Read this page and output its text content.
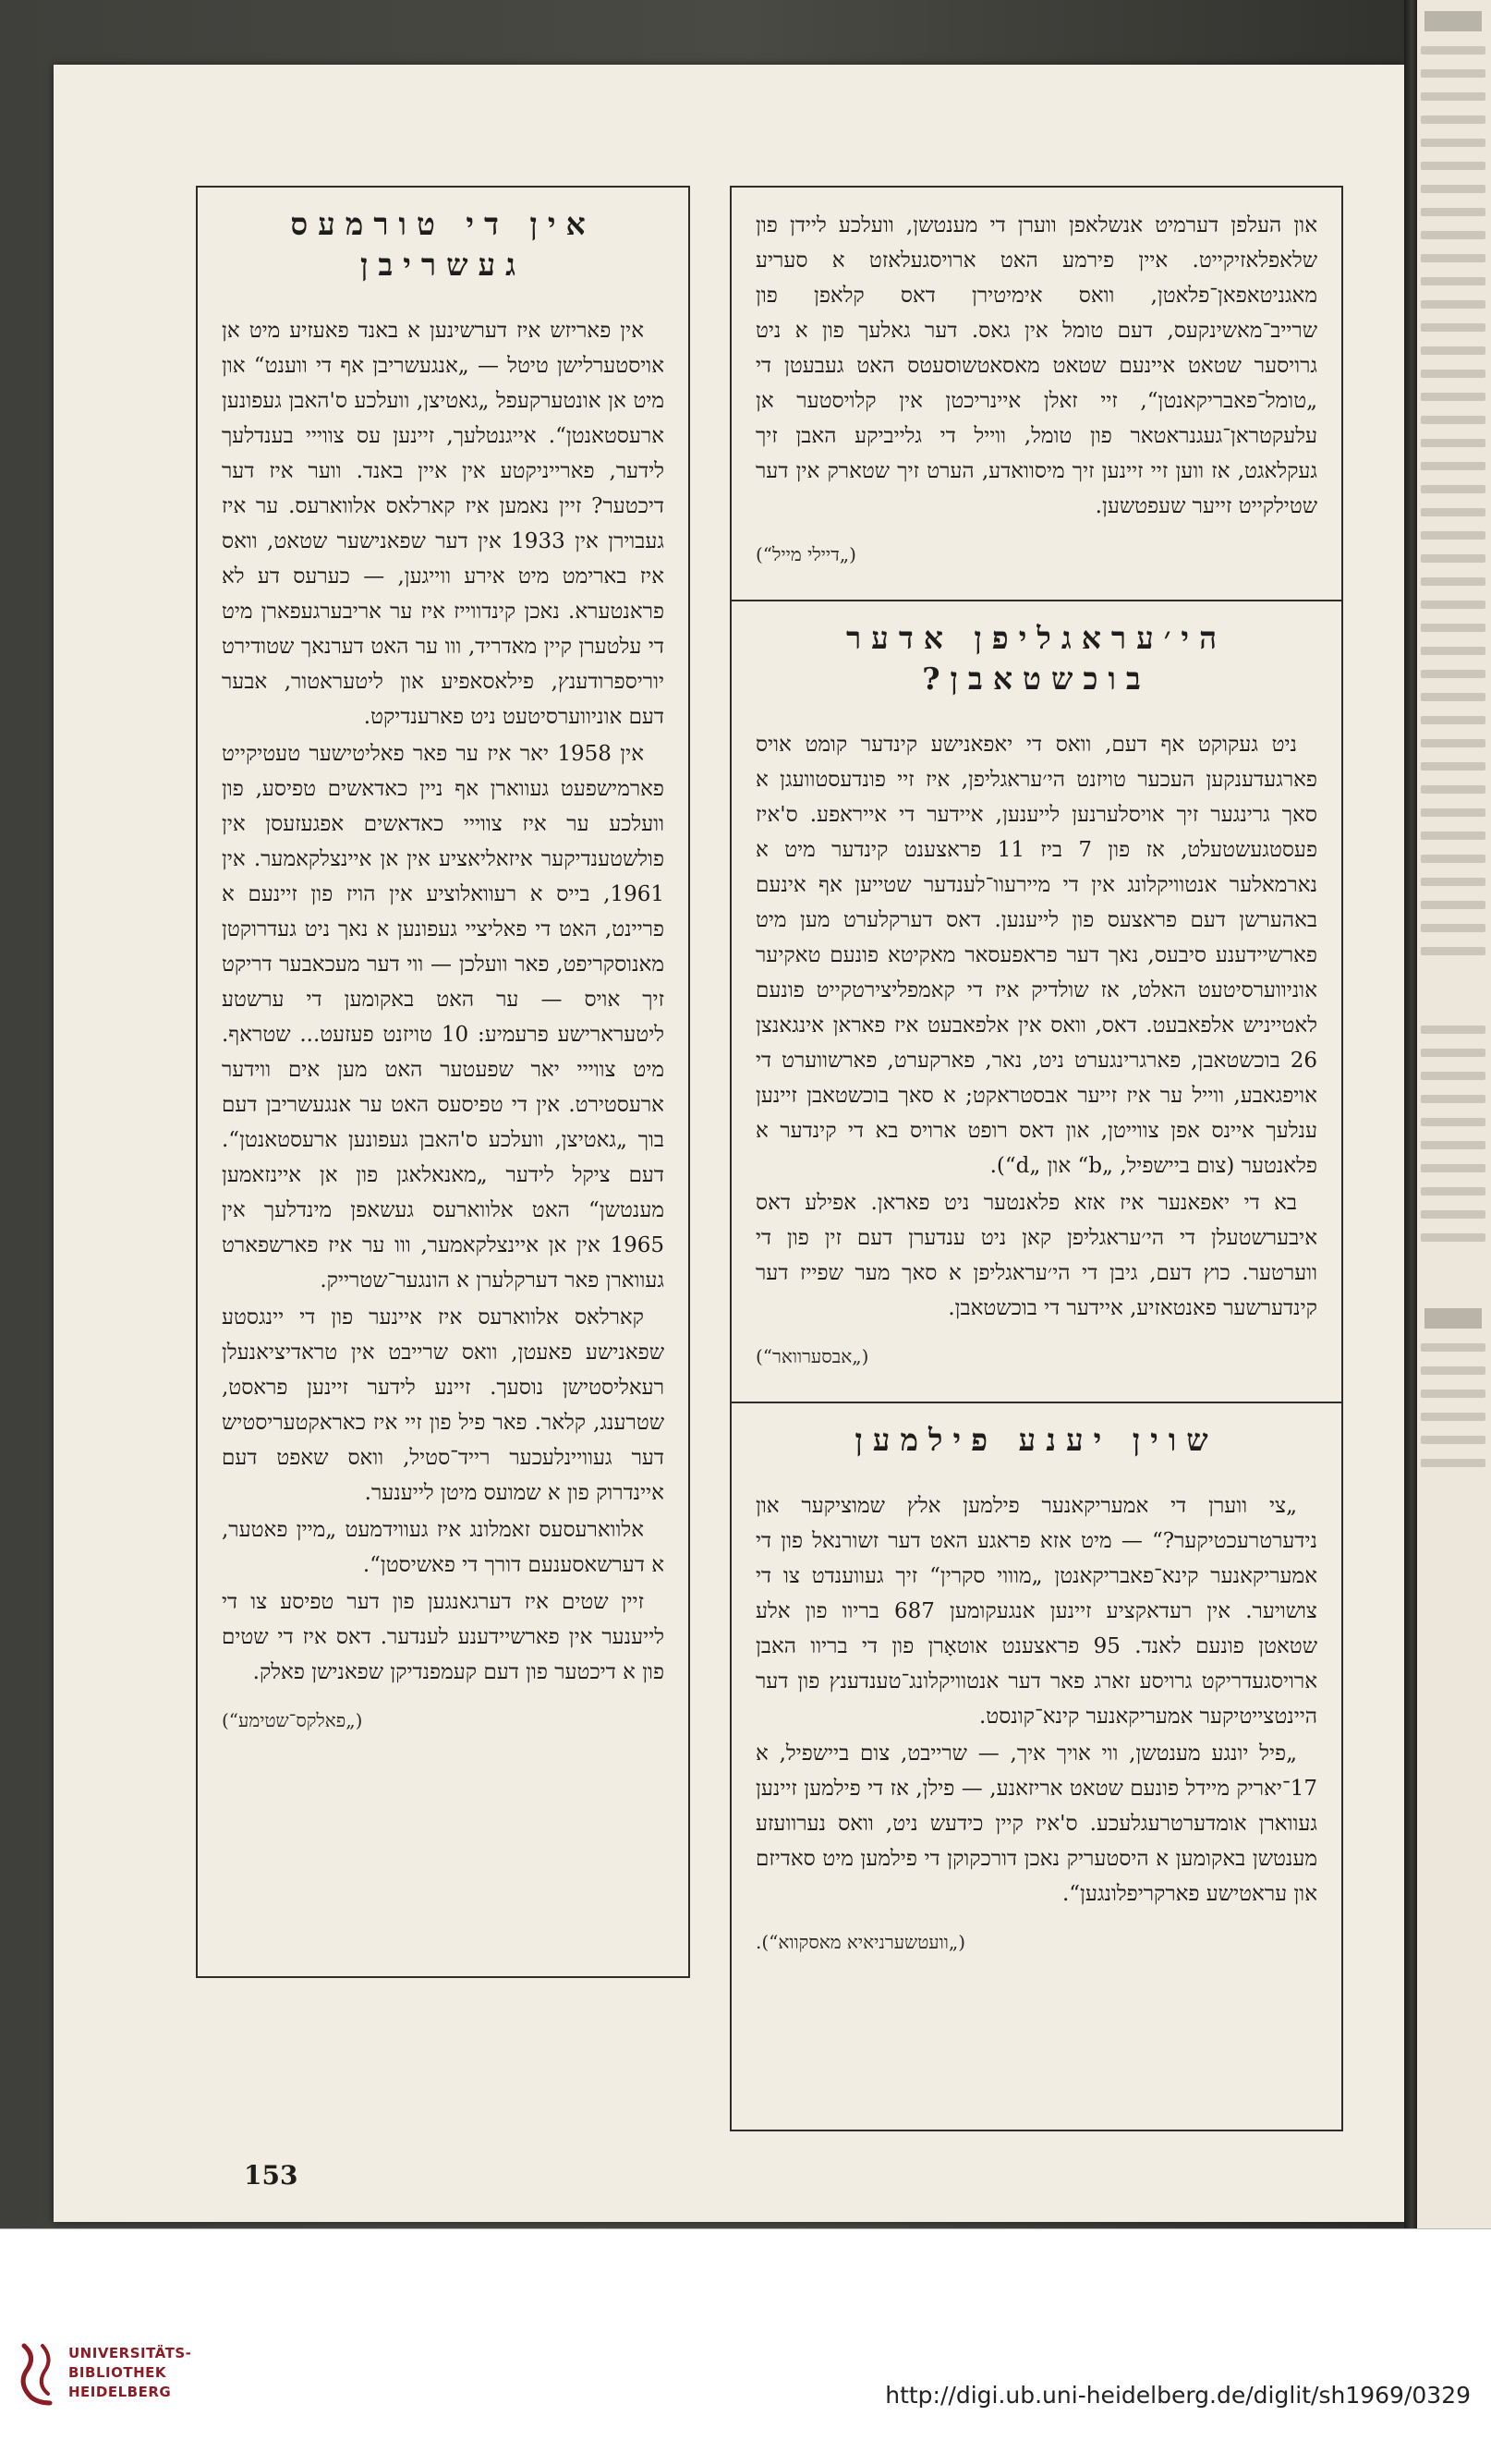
153
אין די טורמעס געשריבן

אין פאריזש איז דערשינען א באנד פאעזיע מיט אן אויסטערלישן טיטל — „אנגעשריבן אף די ווענט“ און מיט אן אונטערקעפל „גאטיצן, וועלכע ס'האבן געפונען ארעסטאנטן“. אייגנטלעך, זיינען עס צווייי בענדלעך לידער, פארייניקטע אין איין באנד. ווער איז דער דיכטער? זיין נאמען איז קארלאס אלווארעס. ער איז געבוירן אין 1933 אין דער שפאנישער שטאט, וואס איז בארימט מיט אירע ווייגען, — כערעס דע לא פראנטערא. נאכן קינדווייז איז ער אריבערגעפארן מיט די עלטערן קיין מאדריד, ווו ער האט דערנאך שטודירט יוריספרודענץ, פילאסאפיע און ליטעראטור, אבער דעם אוניווערסיטעט ניט פארענדיקט.

אין 1958 יאר איז ער פאר פאליטישער טעטיקייט פארמישפעט געווארן אף ניין כאדאשים טפיסע, פון וועלכע ער איז צווייי כאדאשים אפגעזעסן אין פולשטענדיקער איזאליאציע אין אן איינצלקאמער. אין 1961, בייס א רעוואלוציע אין הויז פון זיינעם א פריינט, האט די פאליציי געפונען א נאך ניט געדרוקטן מאנוסקריפט, פאר וועלכן — ווי דער מעכאבער דריקט זיך אויס — ער האט באקומען די ערשטע ליטערארישע פרעמיע: 10 טויזנט פעזעט... שטראף. מיט צווייי יאר שפעטער האט מען אים ווידער ארעסטירט. אין די טפיסעס האט ער אנגעשריבן דעם בוך „גאטיצן, וועלכע ס'האבן געפונען ארעסטאנטן“. דעם ציקל לידער „מאנאלאגן פון אן איינזאמען מענטשן“ האט אלווארעס געשאפן מינדלעך אין 1965 אין אן איינצלקאמער, ווו ער איז פארשפארט געווארן פאר דערקלערן א הונגער־שטרייק.

קארלאס אלווארעס איז איינער פון די יינגסטע שפאנישע פאעטן, וואס שרייבט אין טראדיציאנעלן רעאליסטישן נוסעך. זיינע לידער זיינען פראסט, שטרענג, קלאר. פאר פיל פון זיי איז כאראקטעריסטיש דער געוויינלעכער רייד־סטיל, וואס שאפט דעם איינדרוק פון א שמועס מיטן לייענער.

אלווארעסעס זאמלונג איז געווידמעט „מיין פאטער, א דערשאסענעם דורך די פאשיסטן“.

זיין שטים איז דערגאנגען פון דער טפיסע צו די לייענער אין פארשיידענע לענדער. דאס איז די שטים פון א דיכטער פון דעם קעמפנדיקן שפאנישן פאלק.

(„פאלקס־שטימע“)

און העלפן דערמיט אנשלאפן ווערן די מענטשן, וועלכע ליידן פון שלאפלאזיקייט. איין פירמע האט ארויסגעלאזט א סעריע מאגניטאפאן־פלאטן, וואס אימיטירן דאס קלאפן פון שרייב־מאשינקעס, דעם טומל אין גאס. דער גאלעך פון א ניט גרויסער שטאט איינעם שטאט מאסאטשוסעטס האט געבעטן די „טומל־פאבריקאנטן“, זיי זאלן איינריכטן אין קלויסטער אן עלעקטראן־געגנראטאר פון טומל, ווייל די גלייביקע האבן זיך געקלאגט, אז ווען זיי זיינען זיך מיסוואדע, הערט זיך שטארק אין דער שטילקייט זייער שעפטשען.

(„דיילי מייל“)
הי׳עראגליפן אדער בוכשטאבן?

ניט געקוקט אף דעם, וואס די יאפאנישע קינדער קומט אויס פארגעדענקען העכער טויזנט הי׳עראגליפן, איז זיי פונדעסטוועגן א סאך גרינגער זיך אויסלערנען לייענען, איידער די אייראפע. ס'איז פעסטגעשטעלט, אז פון 7 ביז 11 פראצענט קינדער מיט א נארמאלער אנטוויקלונג אין די מיירעוו־לענדער שטייען אף אינעם באהערשן דעם פראצעס פון לייענען. דאס דערקלערט מען מיט פארשיידענע סיבעס, נאך דער פראפעסאר מאקיטא פונעם טאקיער אוניווערסיטעט האלט, אז שולדיק איז די קאמפליצירטקייט פונעם לאטייניש אלפאבעט. דאס, וואס אין אלפאבעט איז פאראן אינגאנצן 26 בוכשטאבן, פארגרינגערט ניט, נאר, פארקערט, פארשווערט די אויפגאבע, ווייל ער איז זייער אבסטראקט; א סאך בוכשטאבן זיינען ענלעך איינס אפן צווייטן, און דאס רופט ארויס בא די קינדער א פלאנטער (צום ביישפיל, „b“ און „d“).

בא די יאפאנער איז אזא פלאנטער ניט פאראן. אפילע דאס איבערשטעלן די הי׳עראגליפן קאן ניט ענדערן דעם זין פון די ווערטער. כוץ דעם, גיבן די הי׳עראגליפן א סאך מער שפייז דער קינדערשער פאנטאזיע, איידער די בוכשטאבן.

(„אבסערוואר“)
שוין יענע פילמען

„צי ווערן די אמעריקאנער פילמען אלץ שמוציקער און נידערטרעכטיקער?“ — מיט אזא פראגע האט דער זשורנאל פון די אמעריקאנער קינא־פאבריקאנטן „מוווי סקרין“ זיך געווענדט צו די צושויער. אין רעדאקציע זיינען אנגעקומען 687 בריוו פון אלע שטאטן פונעם לאנד. 95 פראצענט אוטאָרן פון די בריוו האבן ארויסגעדריקט גרויסע זארג פאר דער אנטוויקלונג־טענדענץ פון דער היינטצייטיקער אמעריקאנער קינא־קונסט.

„פיל יונגע מענטשן, ווי אויך איך, — שרייבט, צום ביישפיל, א 17־יאריק מיידל פונעם שטאט אריזאנע, — פילן, אז די פילמען זיינען געווארן אומדערטרעגלעכע. ס'איז קיין כידעש ניט, וואס נערוועזע מענטשן באקומען א היסטעריק נאכן דורכקוקן די פילמען מיט סאדיזם און עראטישע פארקריפלונגען“.

(„וועטשערניאיא מאסקווא“).
UNIVERSITÄTS-
BIBLIOTHEK
HEIDELBERG	http://digi.ub.uni-heidelberg.de/diglit/sh1969/0329
